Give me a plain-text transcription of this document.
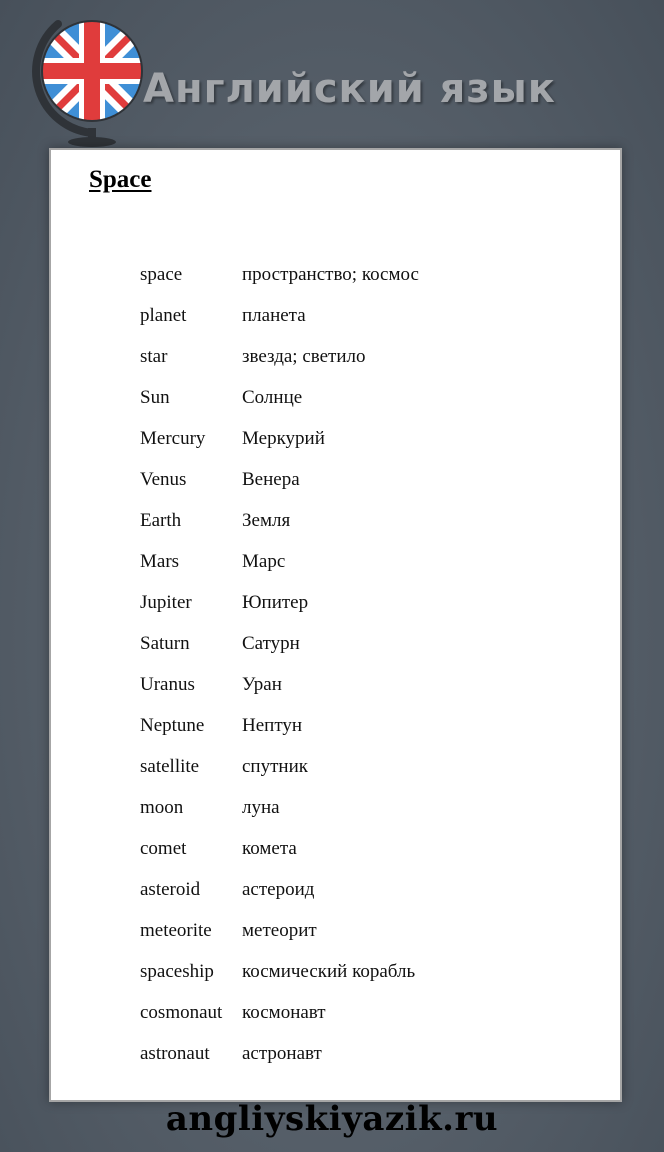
Английский язык
Space
space	пространство; космос
planet	планета
star	звезда; светило
Sun	Солнце
Mercury	Меркурий
Venus	Венера
Earth	Земля
Mars	Марс
Jupiter	Юпитер
Saturn	Сатурн
Uranus	Уран
Neptune	Нептун
satellite	спутник
moon	луна
comet	комета
asteroid	астероид
meteorite	метеорит
spaceship	космический корабль
cosmonaut	космонавт
astronaut	астронавт
angliyskiyazik.ru
